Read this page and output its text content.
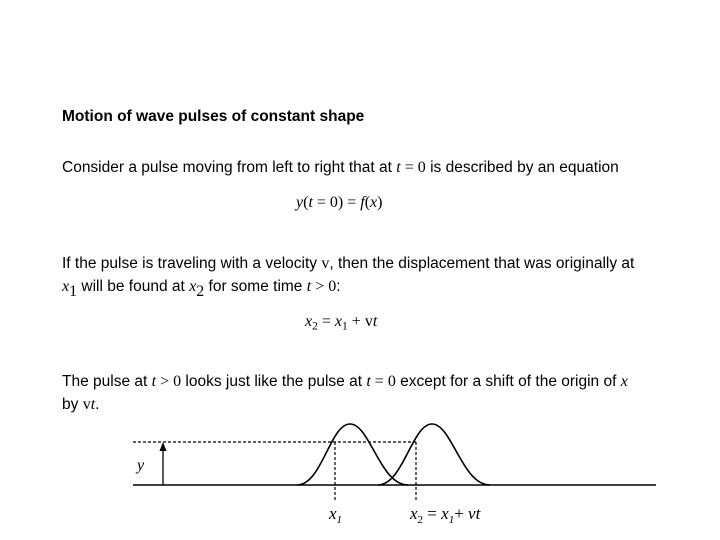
Motion of wave pulses of constant shape
Consider a pulse moving from left to right that at t = 0 is described by an equation
y(t = 0) = f(x)
If the pulse is traveling with a velocity v, then the displacement that was originally at
$x_1$ will be found at $x_2$ for some time t > 0:
$x_2 = x_1$ + vt
The pulse at t > 0 looks just like the pulse at t = 0 except for a shift of the origin of x
by vt.
y
$x_1$	$x_2 = x_1+$ vt
